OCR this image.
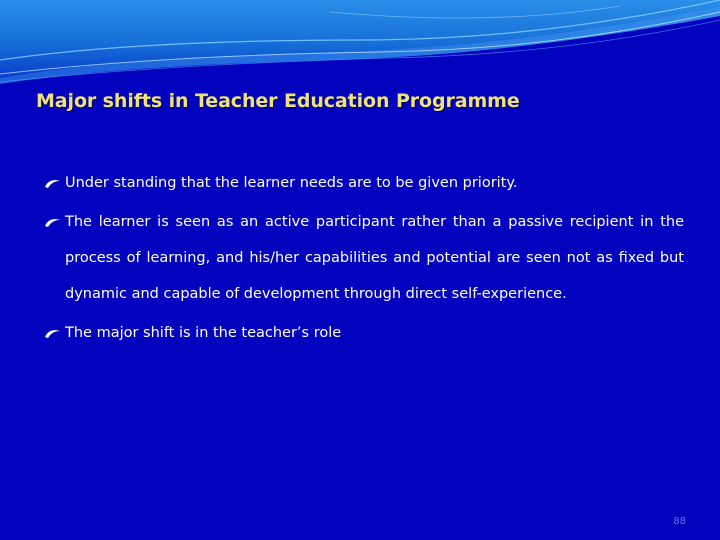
Major shifts in Teacher Education Programme
Under standing that the learner needs are to be given priority.
The learner is seen as an active participant rather than a passive recipient in the process of learning, and his/her capabilities and potential are seen not as fixed but dynamic and capable of development through direct self-experience.
The major shift is in the teacher’s role
88
